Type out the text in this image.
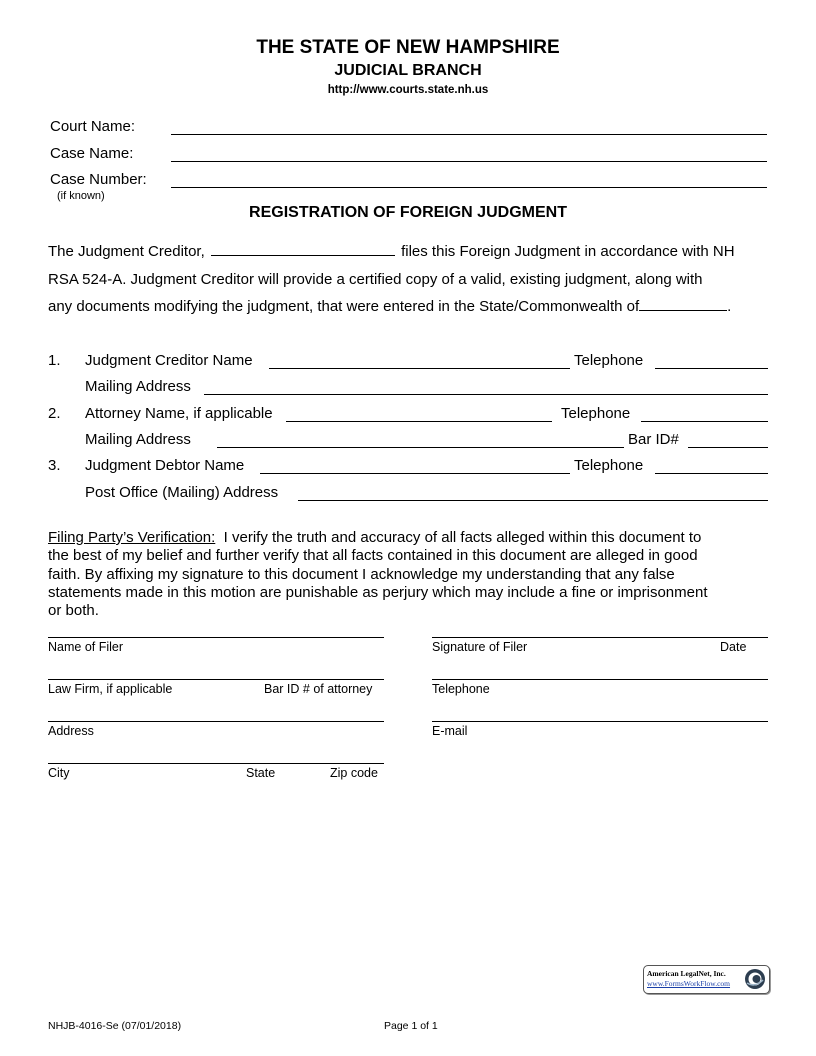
THE STATE OF NEW HAMPSHIRE
JUDICIAL BRANCH
http://www.courts.state.nh.us
Court Name:
Case Name:
Case Number:
(if known)
REGISTRATION OF FOREIGN JUDGMENT
The Judgment Creditor,	files this Foreign Judgment in accordance with NH
RSA 524-A. Judgment Creditor will provide a certified copy of a valid, existing judgment, along with
any documents modifying the judgment, that were entered in the State/Commonwealth of	.
1. Judgment Creditor Name	Telephone
Mailing Address
2. Attorney Name, if applicable	Telephone
Mailing Address	Bar ID#
3. Judgment Debtor Name	Telephone
Post Office (Mailing) Address
Filing Party’s Verification: I verify the truth and accuracy of all facts alleged within this document to
the best of my belief and further verify that all facts contained in this document are alleged in good
faith. By affixing my signature to this document I acknowledge my understanding that any false
statements made in this motion are punishable as perjury which may include a fine or imprisonment
or both.
Name of Filer
Law Firm, if applicable	Bar ID # of attorney
Address
City	State	Zip code
Signature of Filer	Date
Telephone
E-mail
American LegalNet, Inc.
www.FormsWorkFlow.com
NHJB-4016-Se (07/01/2018)	Page 1 of 1
